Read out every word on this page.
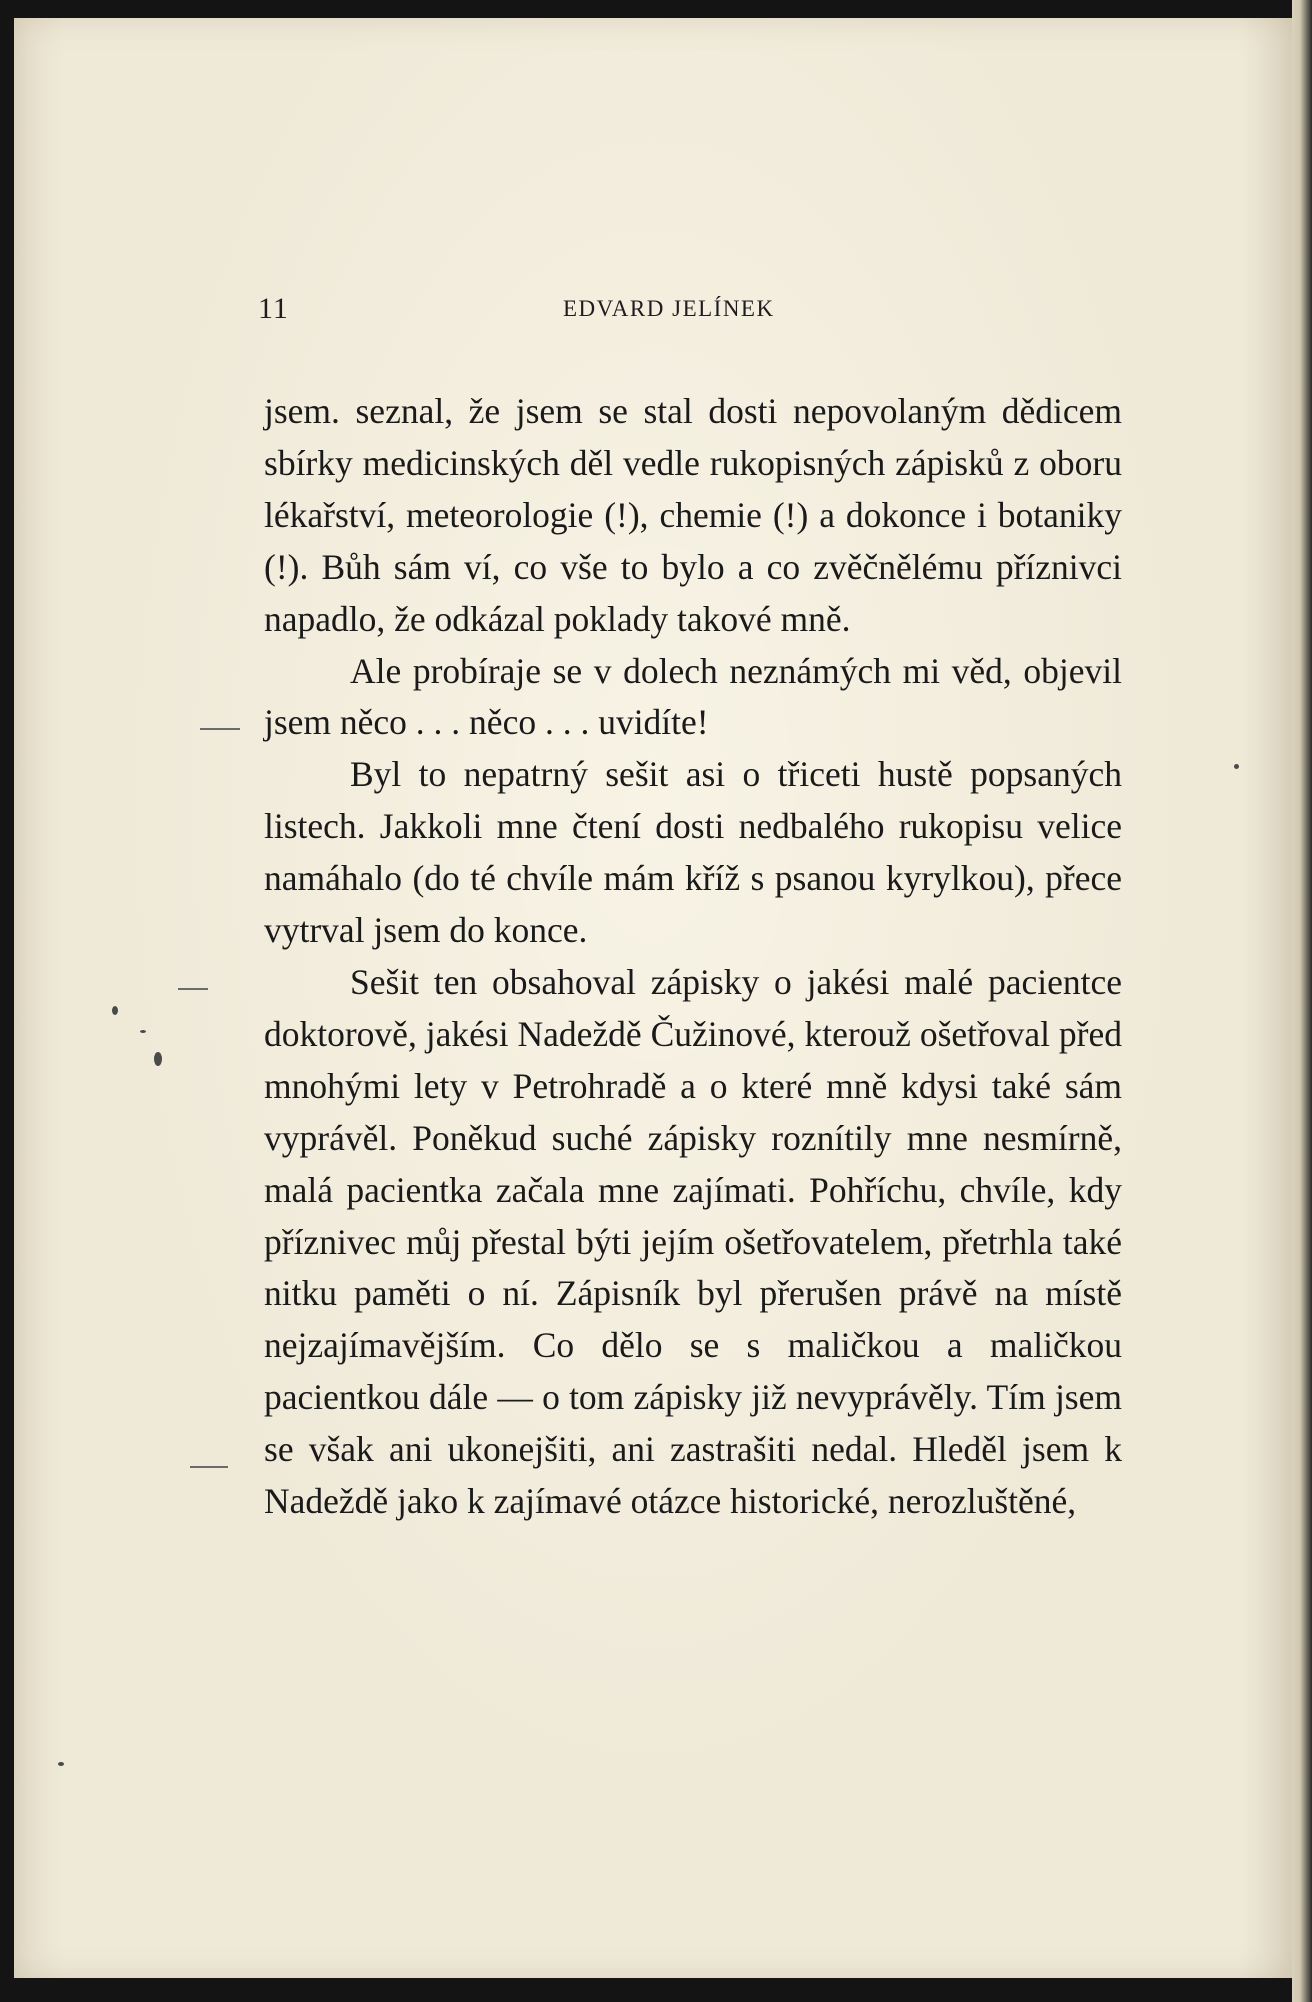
11	EDVARD JELÍNEK

jsem. seznal, že jsem se stal dosti nepovolaným dědicem sbírky medicinských děl vedle rukopisných zápisků z oboru lékařství, meteorologie (!), chemie (!) a dokonce i botaniky (!). Bůh sám ví, co vše to bylo a co zvěčnělému příznivci napadlo, že odkázal poklady takové mně.

Ale probíraje se v dolech neznámých mi věd, objevil jsem něco . . . něco . . . uvidíte!

Byl to nepatrný sešit asi o třiceti hustě popsaných listech. Jakkoli mne čtení dosti nedbalého rukopisu velice namáhalo (do té chvíle mám kříž s psanou kyrylkou), přece vytrval jsem do konce.

Sešit ten obsahoval zápisky o jakési malé pacientce doktorově, jakési Nadeždě Čužinové, kterouž ošetřoval před mnohými lety v Petrohradě a o které mně kdysi také sám vyprávěl. Poněkud suché zápisky roznítily mne nesmírně, malá pacientka začala mne zajímati. Pohříchu, chvíle, kdy příznivec můj přestal býti jejím ošetřovatelem, přetrhla také nitku paměti o ní. Zápisník byl přerušen právě na místě nejzajímavějším. Co dělo se s maličkou a maličkou pacientkou dále — o tom zápisky již nevyprávěly. Tím jsem se však ani ukonejšiti, ani zastrašiti nedal. Hleděl jsem k Nadeždě jako k zajímavé otázce historické, nerozluštěné,
